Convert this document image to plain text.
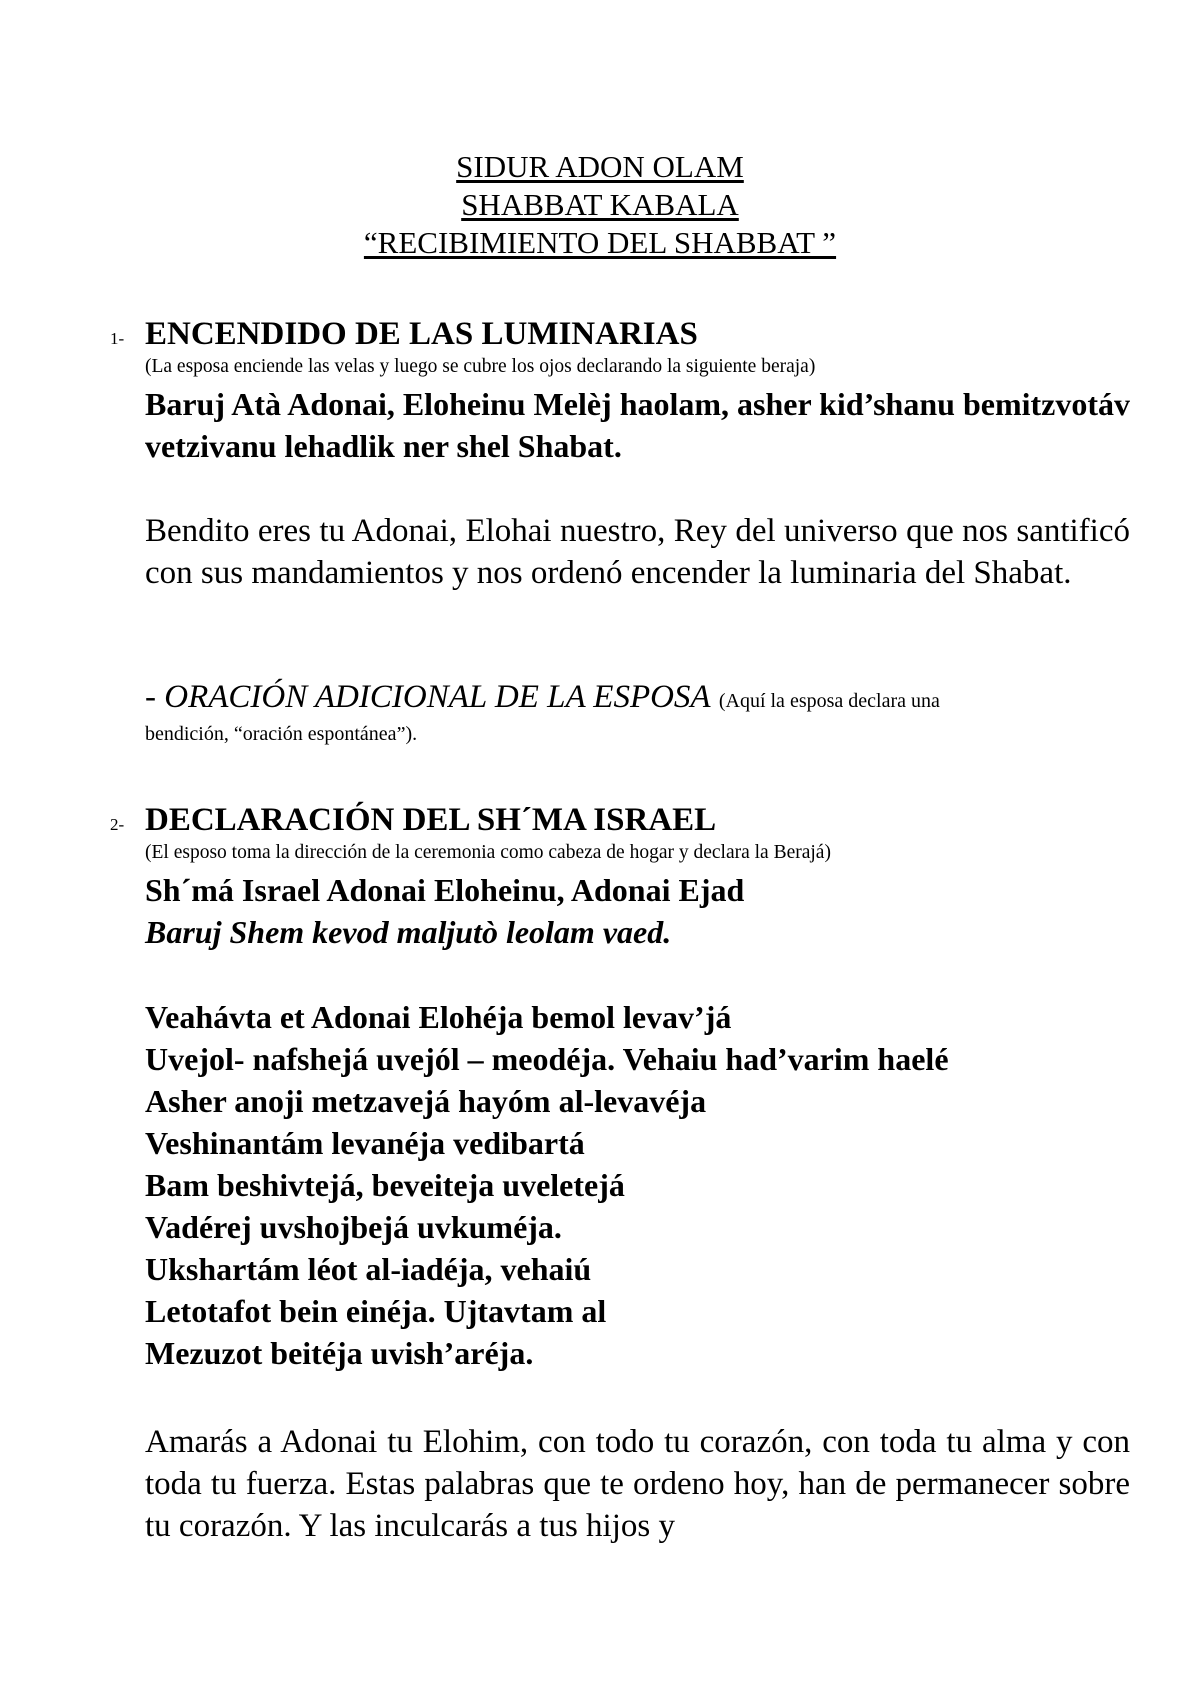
SIDUR ADON OLAM
SHABBAT KABALA
“RECIBIMIENTO DEL SHABBAT ”
1- ENCENDIDO DE LAS LUMINARIAS
(La esposa enciende las velas y luego se cubre los ojos declarando la siguiente beraja)
Baruj Atà Adonai, Eloheinu Melèj haolam, asher kid’shanu bemitzvotáv vetzivanu lehadlik ner shel Shabat.
Bendito eres tu Adonai, Elohai nuestro, Rey del universo que nos santificó con sus mandamientos y nos ordenó encender la luminaria del Shabat.
- ORACIÓN ADICIONAL DE LA ESPOSA (Aquí la esposa declara una
bendición, “oración espontánea”).
2- DECLARACIÓN DEL SH´MA ISRAEL
(El esposo toma la dirección de la ceremonia como cabeza de hogar y declara la Berajá)
Sh´má Israel Adonai Eloheinu, Adonai Ejad
Baruj Shem kevod maljutò leolam vaed.
Veahávta et Adonai Elohéja bemol levav’já
Uvejol- nafshejá uvejól – meodéja. Vehaiu had’varim haelé
Asher anoji metzavejá hayóm al-levavéja
Veshinantám levanéja vedibartá
Bam beshivtejá, beveiteja uveletejá
Vadérej uvshojbejá uvkuméja.
Ukshartám léot al-iadéja, vehaiú
Letotafot bein einéja. Ujtavtam al
Mezuzot beitéja uvish’aréja.
Amarás a Adonai tu Elohim, con todo tu corazón, con toda tu alma y con toda tu fuerza. Estas palabras que te ordeno hoy, han de permanecer sobre tu corazón. Y las inculcarás a tus hijos y
